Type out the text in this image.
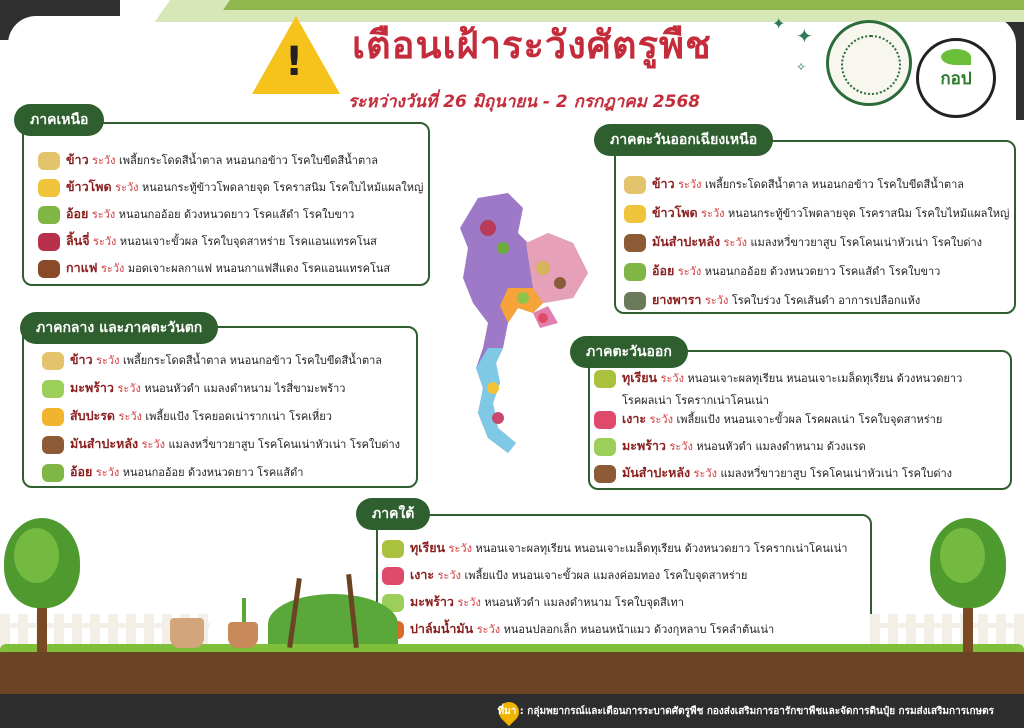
! เตือนเฝ้าระวังศัตรูพืช
ระหว่างวันที่ 26 มิถุนายน - 2 กรกฎาคม 2568
✦
✦
✧
กอป
ภาคเหนือ
ข้าว ระวัง เพลี้ยกระโดดสีน้ำตาล หนอนกอข้าว โรคใบขีดสีน้ำตาล
ข้าวโพด ระวัง หนอนกระทู้ข้าวโพดลายจุด โรคราสนิม โรคใบไหม้แผลใหญ่
อ้อย ระวัง หนอนกออ้อย ด้วงหนวดยาว โรคแส้ดำ โรคใบขาว
ลิ้นจี่ ระวัง หนอนเจาะขั้วผล โรคใบจุดสาหร่าย โรคแอนแทรคโนส
กาแฟ ระวัง มอดเจาะผลกาแฟ หนอนกาแฟสีแดง โรคแอนแทรคโนส
ภาคกลาง และภาคตะวันตก
ข้าว ระวัง เพลี้ยกระโดดสีน้ำตาล หนอนกอข้าว โรคใบขีดสีน้ำตาล
มะพร้าว ระวัง หนอนหัวดำ แมลงดำหนาม ไรสี่ขามะพร้าว
สับปะรด ระวัง เพลี้ยแป้ง โรคยอดเน่ารากเน่า โรคเหี่ยว
มันสำปะหลัง ระวัง แมลงหวี่ขาวยาสูบ โรคโคนเน่าหัวเน่า โรคใบด่าง
อ้อย ระวัง หนอนกออ้อย ด้วงหนวดยาว โรคแส้ดำ
ภาคตะวันออกเฉียงเหนือ
ข้าว ระวัง เพลี้ยกระโดดสีน้ำตาล หนอนกอข้าว โรคใบขีดสีน้ำตาล
ข้าวโพด ระวัง หนอนกระทู้ข้าวโพดลายจุด โรคราสนิม โรคใบไหม้แผลใหญ่
มันสำปะหลัง ระวัง แมลงหวี่ขาวยาสูบ โรคโคนเน่าหัวเน่า โรคใบด่าง
อ้อย ระวัง หนอนกออ้อย ด้วงหนวดยาว โรคแส้ดำ โรคใบขาว
ยางพารา ระวัง โรคใบร่วง โรคเส้นดำ อาการเปลือกแห้ง
ภาคตะวันออก
ทุเรียน ระวัง หนอนเจาะผลทุเรียน หนอนเจาะเมล็ดทุเรียน ด้วงหนวดยาว
โรคผลเน่า โรครากเน่าโคนเน่า
เงาะ ระวัง เพลี้ยแป้ง หนอนเจาะขั้วผล โรคผลเน่า โรคใบจุดสาหร่าย
มะพร้าว ระวัง หนอนหัวดำ แมลงดำหนาม ด้วงแรด
มันสำปะหลัง ระวัง แมลงหวี่ขาวยาสูบ โรคโคนเน่าหัวเน่า โรคใบด่าง
ภาคใต้
ทุเรียน ระวัง หนอนเจาะผลทุเรียน หนอนเจาะเมล็ดทุเรียน ด้วงหนวดยาว โรครากเน่าโคนเน่า
เงาะ ระวัง เพลี้ยแป้ง หนอนเจาะขั้วผล แมลงค่อมทอง โรคใบจุดสาหร่าย
มะพร้าว ระวัง หนอนหัวดำ แมลงดำหนาม โรคใบจุดสีเทา
ปาล์มน้ำมัน ระวัง หนอนปลอกเล็ก หนอนหน้าแมว ด้วงกุหลาบ โรคลำต้นเน่า
ที่มา : กลุ่มพยากรณ์และเตือนการระบาดศัตรูพืช กองส่งเสริมการอารักขาพืชและจัดการดินปุ๋ย กรมส่งเสริมการเกษตร
